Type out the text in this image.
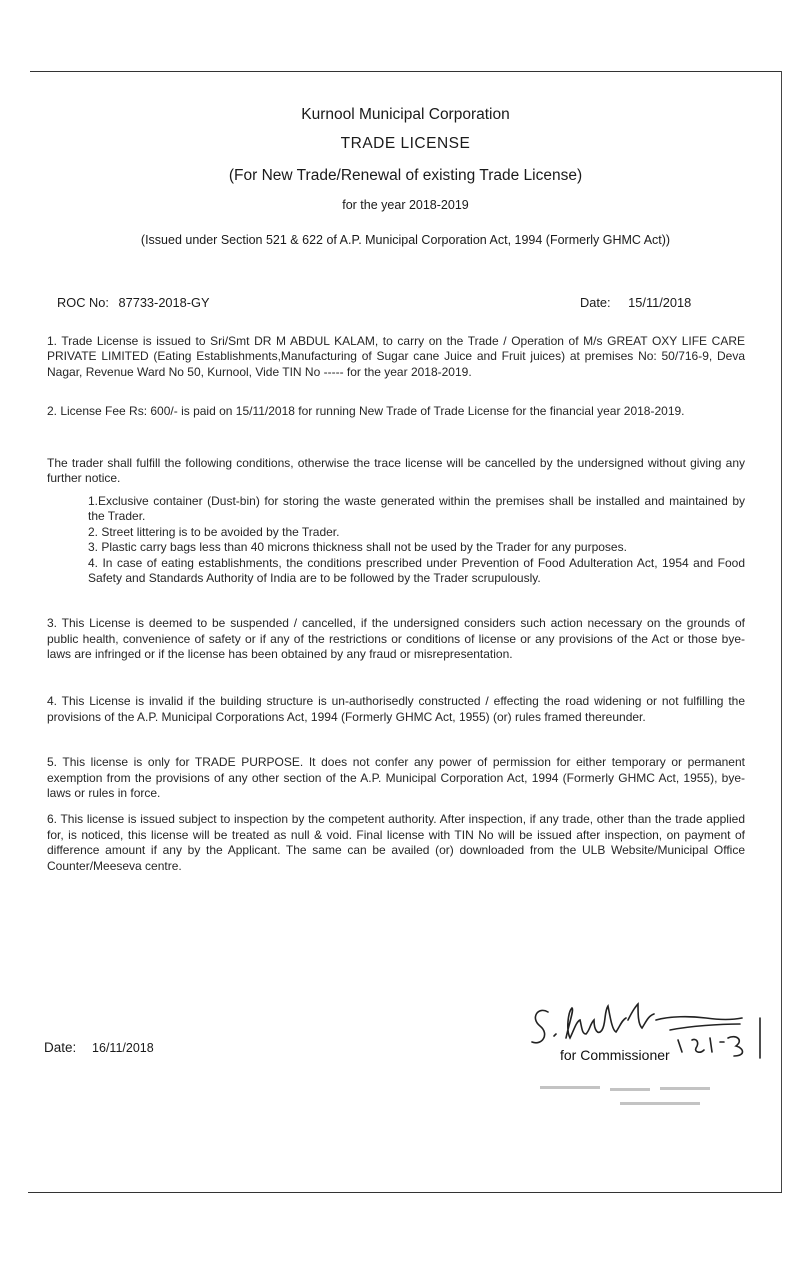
Kurnool Municipal Corporation
TRADE LICENSE
(For New Trade/Renewal of existing Trade License)
for the year 2018-2019
(Issued under Section 521 & 622 of A.P. Municipal Corporation Act, 1994 (Formerly GHMC Act))
ROC No: 87733-2018-GY	Date: 15/11/2018

1. Trade License is issued to Sri/Smt DR M ABDUL KALAM, to carry on the Trade / Operation of M/s GREAT OXY LIFE CARE PRIVATE LIMITED (Eating Establishments,Manufacturing of Sugar cane Juice and Fruit juices) at premises No: 50/716-9, Deva Nagar, Revenue Ward No 50, Kurnool, Vide TIN No ----- for the year 2018-2019.

2. License Fee Rs: 600/- is paid on 15/11/2018 for running New Trade of Trade License for the financial year 2018-2019.

The trader shall fulfill the following conditions, otherwise the trace license will be cancelled by the undersigned without giving any further notice.

1.Exclusive container (Dust-bin) for storing the waste generated within the premises shall be installed and maintained by the Trader.

2. Street littering is to be avoided by the Trader.

3. Plastic carry bags less than 40 microns thickness shall not be used by the Trader for any purposes.

4. In case of eating establishments, the conditions prescribed under Prevention of Food Adulteration Act, 1954 and Food Safety and Standards Authority of India are to be followed by the Trader scrupulously.

3. This License is deemed to be suspended / cancelled, if the undersigned considers such action necessary on the grounds of public health, convenience of safety or if any of the restrictions or conditions of license or any provisions of the Act or those bye-laws are infringed or if the license has been obtained by any fraud or misrepresentation.

4. This License is invalid if the building structure is un-authorisedly constructed / effecting the road widening or not fulfilling the provisions of the A.P. Municipal Corporations Act, 1994 (Formerly GHMC Act, 1955) (or) rules framed thereunder.

5. This license is only for TRADE PURPOSE. It does not confer any power of permission for either temporary or permanent exemption from the provisions of any other section of the A.P. Municipal Corporation Act, 1994 (Formerly GHMC Act, 1955), bye-laws or rules in force.

6. This license is issued subject to inspection by the competent authority. After inspection, if any trade, other than the trade applied for, is noticed, this license will be treated as null & void. Final license with TIN No will be issued after inspection, on payment of difference amount if any by the Applicant. The same can be availed (or) downloaded from the ULB Website/Municipal Office Counter/Meeseva centre.

Date: 16/11/2018	for Commissioner
